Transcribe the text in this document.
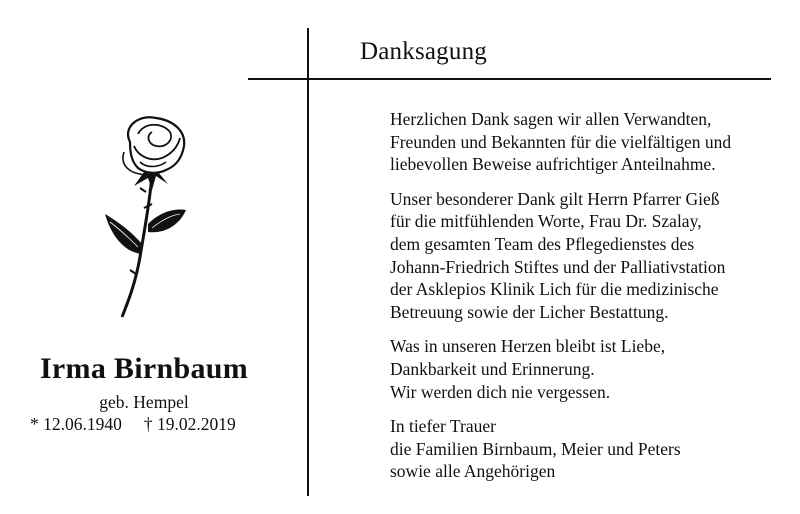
Danksagung
Irma Birnbaum
geb. Hempel
* 12.06.1940 † 19.02.2019
Herzlichen Dank sagen wir allen Verwandten,
Freunden und Bekannten für die vielfältigen und
liebevollen Beweise aufrichtiger Anteilnahme.
Unser besonderer Dank gilt Herrn Pfarrer Gieß
für die mitfühlenden Worte, Frau Dr. Szalay,
dem gesamten Team des Pflegedienstes des
Johann-Friedrich Stiftes und der Palliativstation
der Asklepios Klinik Lich für die medizinische
Betreuung sowie der Licher Bestattung.
Was in unseren Herzen bleibt ist Liebe,
Dankbarkeit und Erinnerung.
Wir werden dich nie vergessen.
In tiefer Trauer
die Familien Birnbaum, Meier und Peters
sowie alle Angehörigen
